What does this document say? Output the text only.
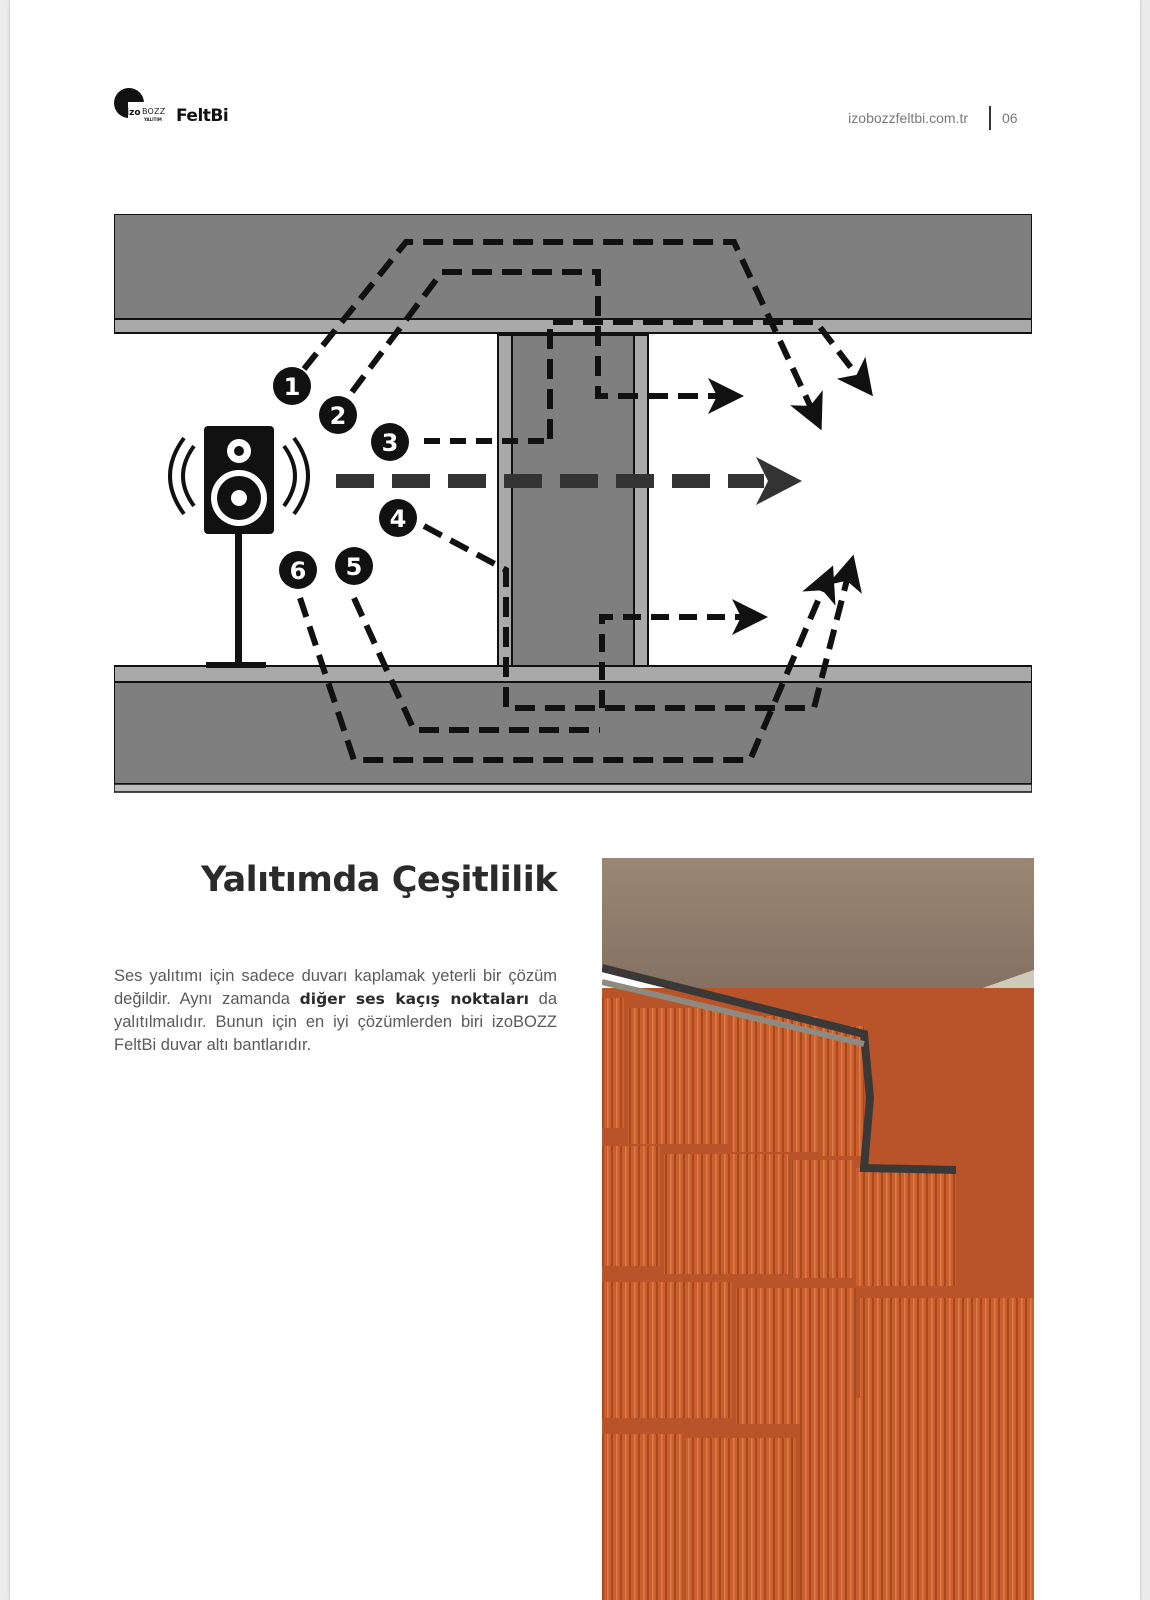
izo BOZZ
YALITIM FeltBi	izobozzfeltbi.com.tr 06
1
2
3
4
5
6
Yalıtımda Çeşitlilik

Ses yalıtımı için sadece duvarı kaplamak yeterli bir çözüm değildir. Aynı zamanda diğer ses kaçış noktaları da yalıtılmalıdır. Bunun için en iyi çözümlerden biri izoBOZZ FeltBi duvar altı bantlarıdır.
